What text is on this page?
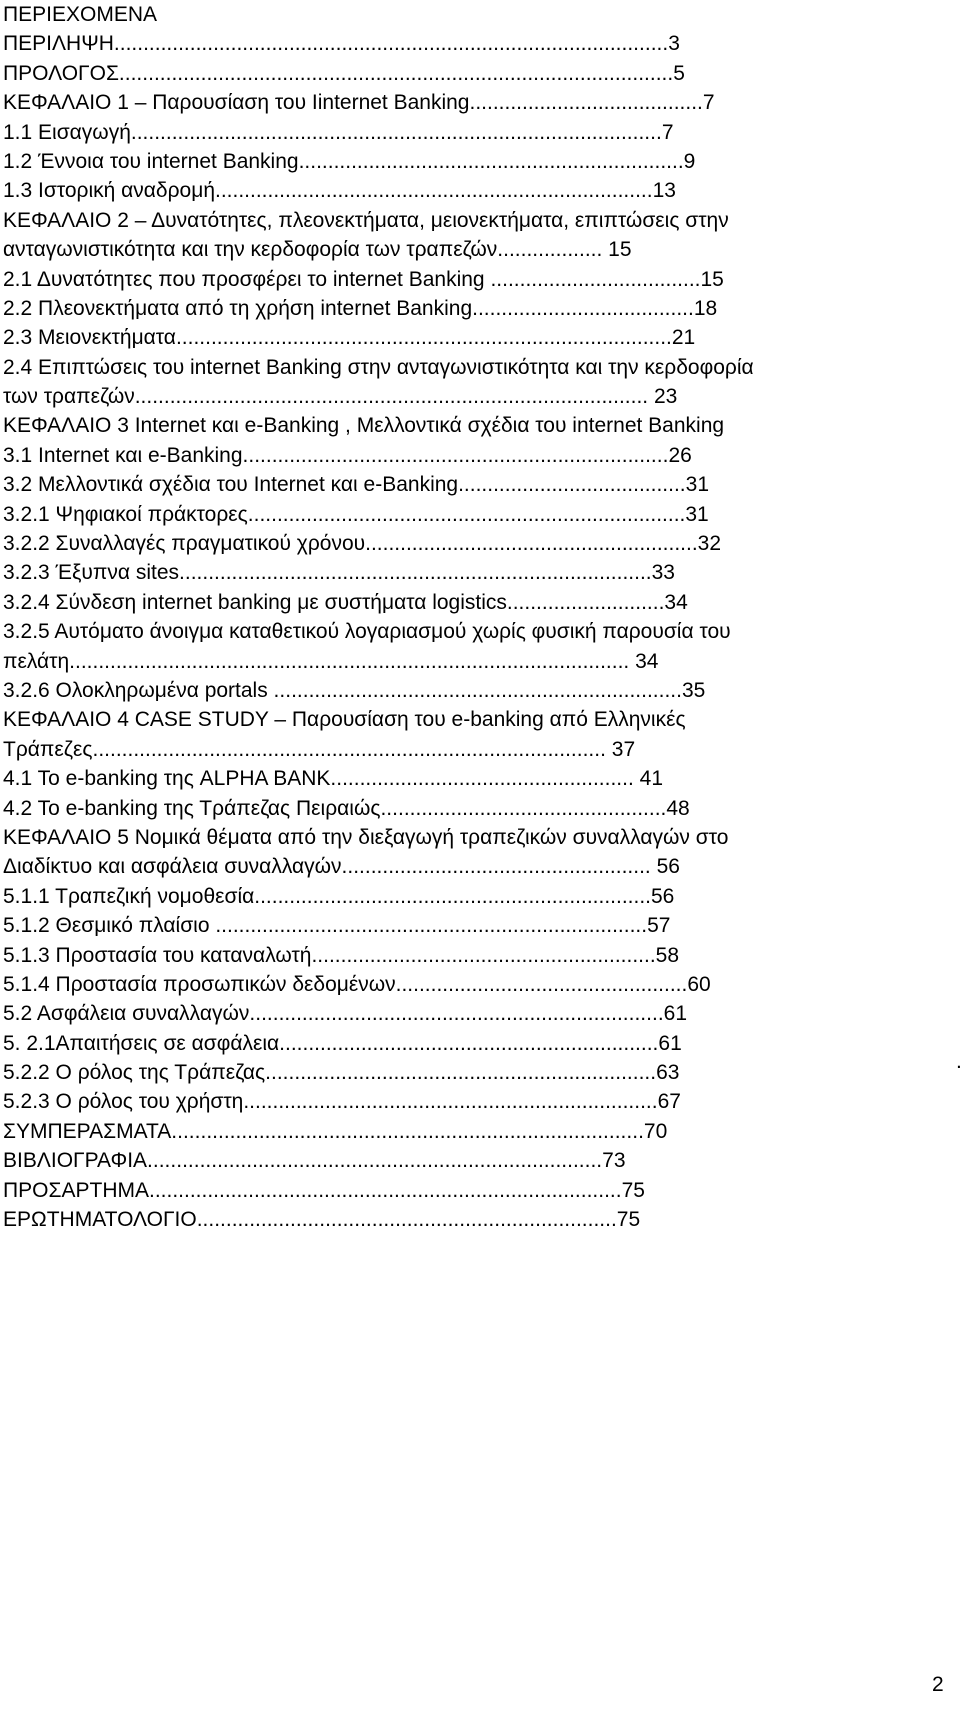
ΠΕΡΙΕΧΟΜΕΝΑ
ΠΕΡΙΛΗΨΗ...............................................................................................3
ΠΡΟΛΟΓΟΣ...............................................................................................5
ΚΕΦΑΛΑΙΟ 1 – Παρουσίαση του Iinternet Banking........................................7
1.1 Εισαγωγή...........................................................................................7
1.2 Έννοια του internet Banking..................................................................9
1.3 Ιστορική αναδρομή...........................................................................13
ΚΕΦΑΛΑΙΟ 2 – Δυνατότητες, πλεονεκτήματα, μειονεκτήματα, επιπτώσεις στην
ανταγωνιστικότητα και την κερδοφορία των τραπεζών.................. 15
2.1 Δυνατότητες που προσφέρει το internet Banking ....................................15
2.2 Πλεονεκτήματα από τη χρήση internet Banking......................................18
2.3 Μειονεκτήματα.....................................................................................21
2.4 Επιπτώσεις του internet Banking στην ανταγωνιστικότητα και την κερδοφορία
των τραπεζών........................................................................................ 23
ΚΕΦΑΛΑΙΟ 3 Internet και e-Banking , Μελλοντικά σχέδια του internet Banking
3.1 Internet και e-Banking.........................................................................26
3.2 Μελλοντικά σχέδια του Internet και e-Banking.......................................31
3.2.1 Ψηφιακοί πράκτορες...........................................................................31
3.2.2 Συναλλαγές πραγματικού χρόνου.........................................................32
3.2.3 Έξυπνα sites.................................................................................33
3.2.4 Σύνδεση internet banking με συστήματα logistics...........................34
3.2.5 Αυτόματο άνοιγμα καταθετικού λογαριασμού χωρίς φυσική παρουσία του
πελάτη................................................................................................ 34
3.2.6 Ολοκληρωμένα portals ......................................................................35
ΚΕΦΑΛΑΙΟ 4 CASE STUDY – Παρουσίαση του e-banking από Ελληνικές
Τράπεζες........................................................................................ 37
4.1 Το e-banking της ALPHA BANK.................................................... 41
4.2 Το e-banking της Τράπεζας Πειραιώς.................................................48
ΚΕΦΑΛΑΙΟ 5 Νομικά θέματα από την διεξαγωγή τραπεζικών συναλλαγών στο
Διαδίκτυο και ασφάλεια συναλλαγών..................................................... 56
5.1.1 Τραπεζική νομοθεσία....................................................................56
5.1.2 Θεσμικό πλαίσιο ..........................................................................57
5.1.3 Προστασία του καταναλωτή...........................................................58
5.1.4 Προστασία προσωπικών δεδομένων..................................................60
5.2 Ασφάλεια συναλλαγών.......................................................................61
5. 2.1Απαιτήσεις σε ασφάλεια.................................................................61
5.2.2 Ο ρόλος της Τράπεζας...................................................................63
5.2.3 Ο ρόλος του χρήστη.......................................................................67
ΣΥΜΠΕΡΑΣΜΑΤΑ.................................................................................70
ΒΙΒΛΙΟΓΡΑΦΙΑ..............................................................................73
ΠΡΟΣΑΡΤΗΜΑ.................................................................................75
ΕΡΩΤΗΜΑΤΟΛΟΓΙΟ........................................................................75
.
2
